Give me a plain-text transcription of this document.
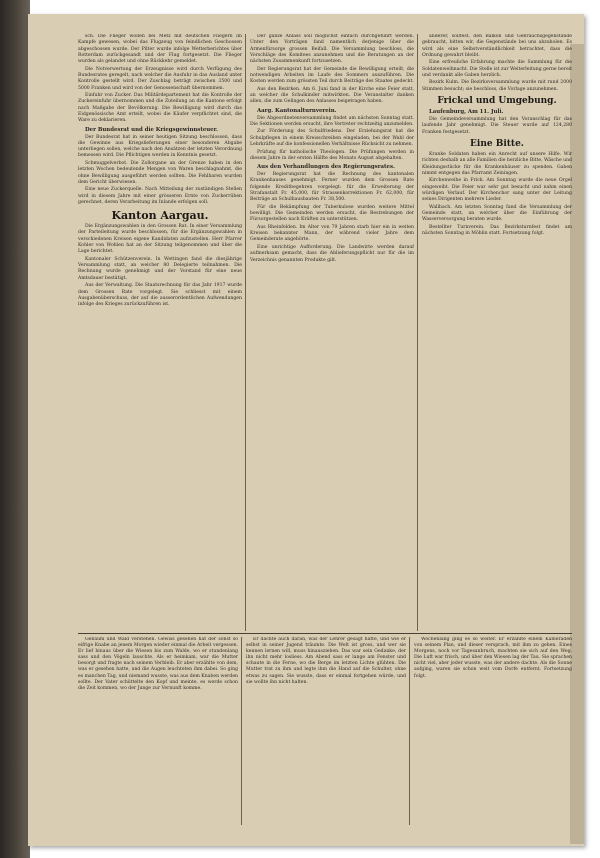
sch. Die Flieger wollen bei Metz mit deutschen Fliegern im Kampfe gewesen, wobei das Flugzeug von feindlichen Geschossen abgeschossen wurde. Der Pilter wurde infolge Wetterberichtes über Rotterdam zurückgesandt und der Flug fortgesetzt. Die Flieger wurden als gelandet und ohne Rückkehr gemeldet.

Die Notverwertung der Erzeugnisse wird durch Verfügung des Bundesrates geregelt, nach welcher die Ausfuhr in das Ausland unter Kontrolle gestellt wird. Der Zuschlag beträgt zwischen 3500 und 5000 Franken und wird von der Genossenschaft übernommen.

Einfuhr von Zucker. Das Militärdepartement hat die Kontrolle der Zuckereinfuhr übernommen und die Zuteilung an die Kantone erfolgt nach Maßgabe der Bevölkerung. Die Bewilligung wird durch das Eidgenössische Amt erteilt, wobei die Käufer verpflichtet sind, die Ware zu deklarieren.

Der Bundesrat und die Kriegsgewinnsteuer.

Der Bundesrat hat in seiner heutigen Sitzung beschlossen, dass die Gewinne aus Kriegslieferungen einer besonderen Abgabe unterliegen sollen, welche nach den Ansätzen der letzten Verordnung bemessen wird. Die Pflichtigen werden in Kenntnis gesetzt.

Schmuggelverbot. Die Zollorgane an der Grenze haben in den letzten Wochen bedeutende Mengen von Waren beschlagnahmt, die ohne Bewilligung ausgeführt werden sollten. Die Fehlbaren wurden dem Gericht überwiesen.

Eine neue Zuckerquelle. Nach Mitteilung der zuständigen Stellen wird in diesem Jahre mit einer grösseren Ernte von Zuckerrüben gerechnet, deren Verarbeitung im Inlande erfolgen soll.

Kanton Aargau.

Die Ergänzungswahlen in den Grossen Rat. In einer Versammlung der Parteileitung wurde beschlossen, für die Ergänzungswahlen in verschiedenen Kreisen eigene Kandidaten aufzustellen. Herr Pfarrer Kohler von Wohlen hat an der Sitzung teilgenommen und über die Lage berichtet.

Kantonaler Schützenverein. In Wettingen fand die diesjährige Versammlung statt, an welcher 80 Delegierte teilnahmen. Die Rechnung wurde genehmigt und der Vorstand für eine neue Amtsdauer bestätigt.

Aus der Verwaltung. Die Staatsrechnung für das Jahr 1917 wurde dem Grossen Rate vorgelegt. Sie schliesst mit einem Ausgabenüberschuss, der auf die ausserordentlichen Aufwendungen infolge des Krieges zurückzuführen ist.

Der ganze Anlass soll möglichst einfach durchgeführt werden. Unter den Vorträgen fand namentlich derjenige über die Armenfürsorge grossen Beifall. Die Versammlung beschloss, die Vorschläge des Komitees anzunehmen und die Beratungen an der nächsten Zusammenkunft fortzusetzen.

Der Regierungsrat hat der Gemeinde die Bewilligung erteilt, die notwendigen Arbeiten im Laufe des Sommers auszuführen. Die Kosten werden zum grössten Teil durch Beiträge des Staates gedeckt.

Aus den Bezirken. Am 6. Juni fand in der Kirche eine Feier statt, an welcher die Schulkinder mitwirkten. Die Veranstalter danken allen, die zum Gelingen des Anlasses beigetragen haben.

Aarg. Kantonalturnverein.

Die Abgeordnetenversammlung findet am nächsten Sonntag statt. Die Sektionen werden ersucht, ihre Vertreter rechtzeitig anzumelden.

Zur Förderung des Schulfriedens. Der Erziehungsrat hat die Schulpflegen in einem Kreisschreiben eingeladen, bei der Wahl der Lehrkräfte auf die konfessionellen Verhältnisse Rücksicht zu nehmen.

Prüfung für katholische Theologen. Die Prüfungen werden in diesem Jahre in der ersten Hälfte des Monats August abgehalten.

Aus den Verhandlungen des Regierungsrates.

Der Regierungsrat hat die Rechnung des kantonalen Krankenhauses genehmigt. Ferner wurden dem Grossen Rate folgende Kreditbegehren vorgelegt: für die Erweiterung der Strafanstalt Fr. 45,000, für Strassenkorrektionen Fr. 62,000, für Beiträge an Schulhausbauten Fr. 38,500.

Für die Bekämpfung der Tuberkulose wurden weitere Mittel bewilligt. Die Gemeinden werden ersucht, die Bestrebungen der Fürsorgestellen nach Kräften zu unterstützen.

Aus Rheinfelden. Im Alter von 79 Jahren starb hier ein in weiten Kreisen bekannter Mann, der während vieler Jahre dem Gemeinderate angehörte.

Eine unrichtige Aufforderung. Die Landwirte werden darauf aufmerksam gemacht, dass die Ablieferungspflicht nur für die im Verzeichnis genannten Produkte gilt.

anderer, solltest, den Balkon und Gebrauchsgegenstände gebraucht, bitten wir, die Gegenstände bei uns abzuholen. Es wird als eine Selbstverständlichkeit betrachtet, dass die Ordnung gewahrt bleibt.

Eine erfreuliche Erfahrung machte die Sammlung für die Soldatenweihnacht. Die Stelle ist zur Weiterleitung gerne bereit und verdankt alle Gaben herzlich.

Bezirk Kulm. Die Bezirksversammlung wurde mit rund 2000 Stimmen besucht; sie beschloss, die Vorlage anzunehmen.

Frickal und Umgebung.
Laufenburg, Am 11. Juli.

Die Gemeindeversammlung hat den Voranschlag für das laufende Jahr genehmigt. Die Steuer wurde auf 124,280 Franken festgesetzt.

Eine Bitte.

Kranke Soldaten haben ein Anrecht auf unsere Hilfe. Wir richten deshalb an alle Familien die herzliche Bitte, Wäsche und Kleidungsstücke für die Krankenhäuser zu spenden. Gaben nimmt entgegen das Pfarramt Zeiningen.

Kirchenweihe in Frick. Am Sonntag wurde die neue Orgel eingeweiht. Die Feier war sehr gut besucht und nahm einen würdigen Verlauf. Der Kirchenchor sang unter der Leitung seines Dirigenten mehrere Lieder.

Wallbach. Am letzten Sonntag fand die Versammlung der Gemeinde statt, an welcher über die Einführung der Wasserversorgung beraten wurde.

Bestellter Turnverein. Das Bezirksturnfest findet am nächsten Sonntag in Möhlin statt. Fortsetzung folgt.

Gebaum und Wald verstehen. Gewiss gesehen hat der sonst so eifrige Knabe an jenem Morgen wieder einmal die Arbeit vergessen. Er lief hinaus über die Wiesen bis zum Walde, wo er stundenlang sass und den Vögeln lauschte. Als er heimkam, war die Mutter besorgt und fragte nach seinem Verbleib. Er aber erzählte von dem, was er gesehen hatte, und die Augen leuchteten ihm dabei. So ging es manchen Tag, und niemand wusste, was aus dem Knaben werden sollte. Der Vater schüttelte den Kopf und meinte, es werde schon die Zeit kommen, wo der Junge zur Vernunft komme.

Er dachte auch daran, was der Lehrer gesagt hatte, und wie er selbst in seiner Jugend träumte. Die Welt ist gross, und wer sie kennen lernen will, muss hinausziehen. Das war sein Gedanke, der ihn nicht mehr losliess. Am Abend sass er lange am Fenster und schaute in die Ferne, wo die Berge im letzten Lichte glühten. Die Mutter trat zu ihm und legte ihm die Hand auf die Schulter, ohne etwas zu sagen. Sie wusste, dass er einmal fortgehen würde, und sie wollte ihn nicht halten.

Wochenlang ging es so weiter. Er erzählte einem Kameraden von seinem Plan, und dieser versprach, mit ihm zu gehen. Eines Morgens, noch vor Tagesanbruch, machten sie sich auf den Weg. Die Luft war frisch, und über den Wiesen lag der Tau. Sie sprachen nicht viel, aber jeder wusste, was der andere dachte. Als die Sonne aufging, waren sie schon weit vom Dorfe entfernt. Fortsetzung folgt.
